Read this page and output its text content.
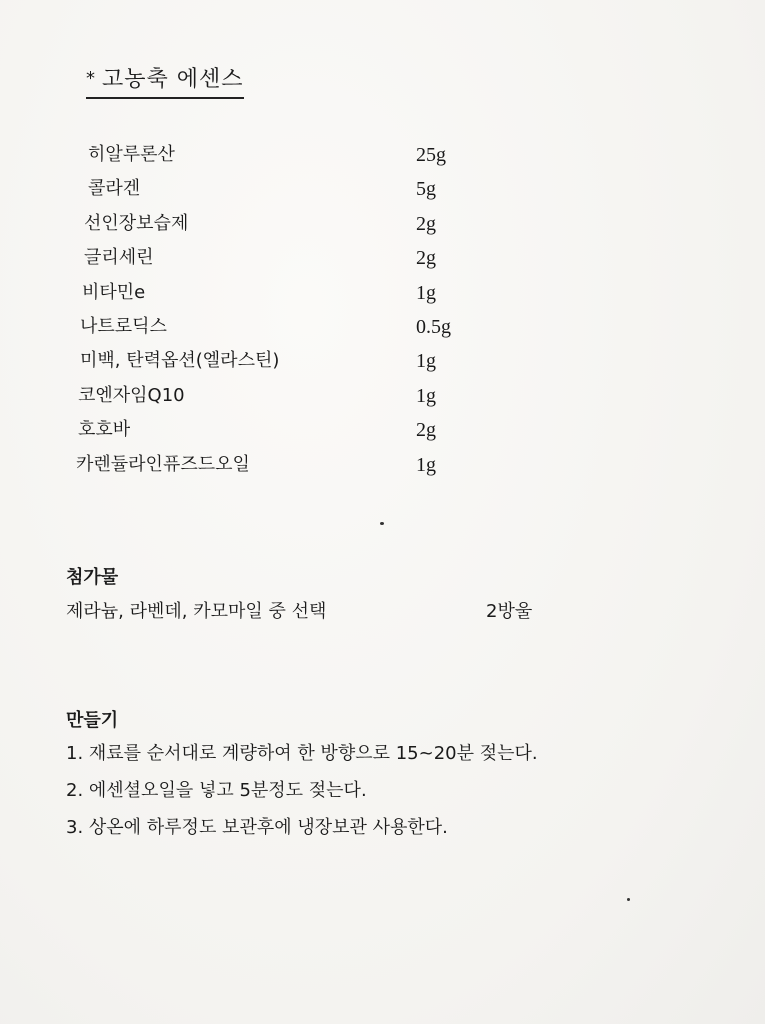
* 고농축 에센스
히알루론산	25g
콜라겐	5g
선인장보습제	2g
글리세린	2g
비타민e	1g
나트로딕스	0.5g
미백, 탄력옵션(엘라스틴)	1g
코엔자임Q10	1g
호호바	2g
카렌듈라인퓨즈드오일	1g
첨가물
제라늄, 라벤데, 카모마일 중 선택	2방울
만들기
1. 재료를 순서대로 계량하여 한 방향으로 15~20분 젖는다.
2. 에센셜오일을 넣고 5분정도 젖는다.
3. 상온에 하루정도 보관후에 냉장보관 사용한다.
